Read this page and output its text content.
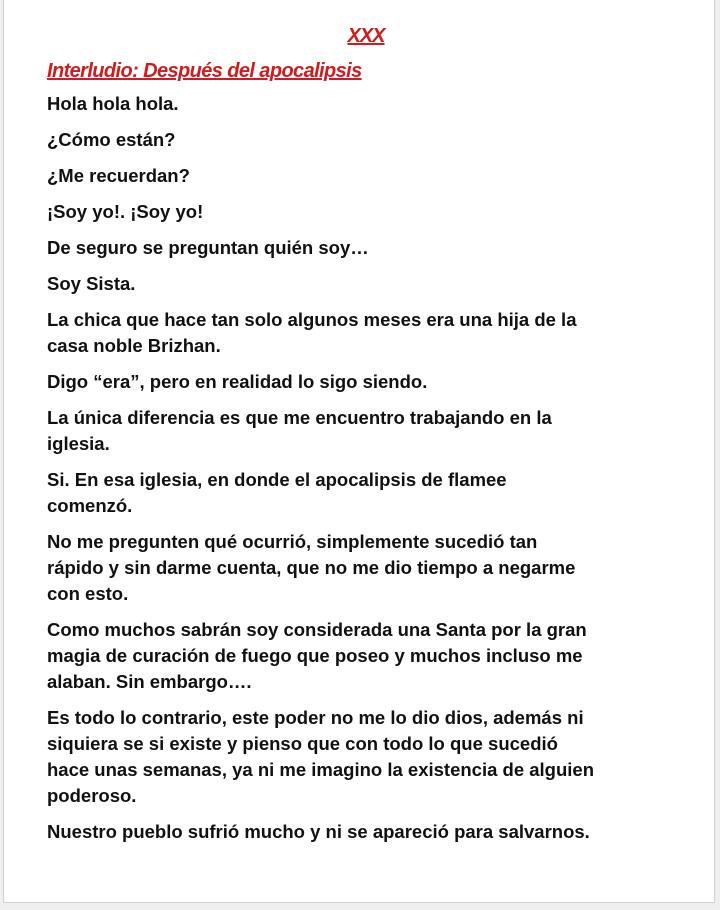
XXX
Interludio: Después del apocalipsis
Hola hola hola.
¿Cómo están?
¿Me recuerdan?
¡Soy yo!. ¡Soy yo!
De seguro se preguntan quién soy…
Soy Sista.
La chica que hace tan solo algunos meses era una hija de la
casa noble Brizhan.
Digo “era”, pero en realidad lo sigo siendo.
La única diferencia es que me encuentro trabajando en la
iglesia.
Si. En esa iglesia, en donde el apocalipsis de flamee
comenzó.
No me pregunten qué ocurrió, simplemente sucedió tan
rápido y sin darme cuenta, que no me dio tiempo a negarme
con esto.
Como muchos sabrán soy considerada una Santa por la gran
magia de curación de fuego que poseo y muchos incluso me
alaban. Sin embargo….
Es todo lo contrario, este poder no me lo dio dios, además ni
siquiera se si existe y pienso que con todo lo que sucedió
hace unas semanas, ya ni me imagino la existencia de alguien
poderoso.
Nuestro pueblo sufrió mucho y ni se apareció para salvarnos.
